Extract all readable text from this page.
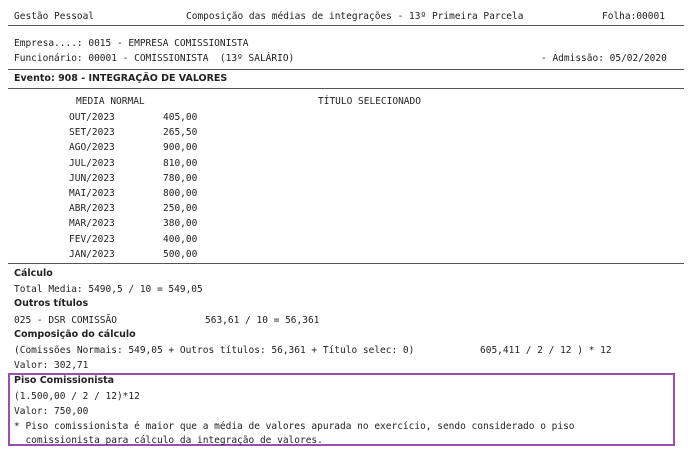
Gestão Pessoal	Composição das médias de integrações - 13º Primeira Parcela	Folha:00001
Empresa....: 0015 - EMPRESA COMISSIONISTA
Funcionário: 00001 - COMISSIONISTA  (13º SALÁRIO)	- Admissão: 05/02/2020
Evento: 908 - INTEGRAÇÃO DE VALORES
MEDIA NORMAL	TÍTULO SELECIONADO
OUT/2023	405,00
SET/2023	265,50
AGO/2023	900,00
JUL/2023	810,00
JUN/2023	780,00
MAI/2023	800,00
ABR/2023	250,00
MAR/2023	380,00
FEV/2023	400,00
JAN/2023	500,00
Cálculo
Total Media: 5490,5 / 10 = 549,05
Outros títulos
025 - DSR COMISSÃO	563,61 / 10 = 56,361
Composição do cálculo
(Comissões Normais: 549,05 + Outros títulos: 56,361 + Título selec: 0)	605,411 / 2 / 12 ) * 12
Valor: 302,71
Piso Comissionista
(1.500,00 / 2 / 12)*12
Valor: 750,00
* Piso comissionista é maior que a média de valores apurada no exercício, sendo considerado o piso
comissionista para cálculo da integração de valores.
